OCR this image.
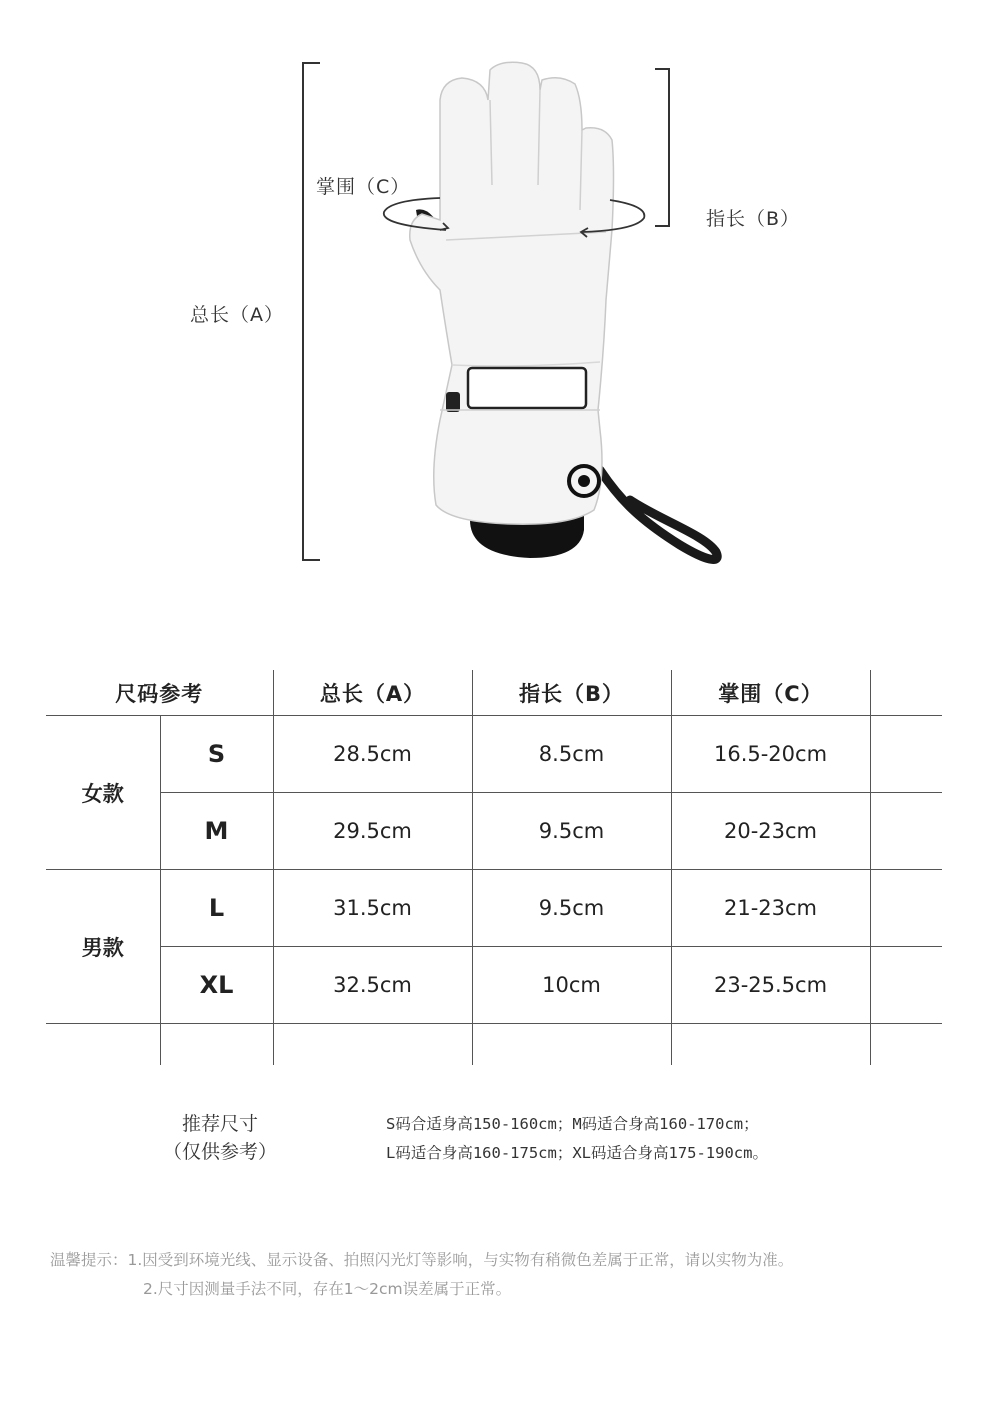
掌围（C）
指长（B）
总长（A）
尺码参考		总长（A）	指长（B）	掌围（C）	
女款	S	28.5cm	8.5cm	16.5-20cm	
	M	29.5cm	9.5cm	20-23cm	
男款	L	31.5cm	9.5cm	21-23cm	
	XL	32.5cm	10cm	23-25.5cm	

推荐尺寸
（仅供参考）
S码合适身高150-160cm；M码适合身高160-170cm；
L码适合身高160-175cm；XL码适合身高175-190cm。
温馨提示：1.因受到环境光线、显示设备、拍照闪光灯等影响，与实物有稍微色差属于正常，请以实物为准。
2.尺寸因测量手法不同，存在1～2cm误差属于正常。
